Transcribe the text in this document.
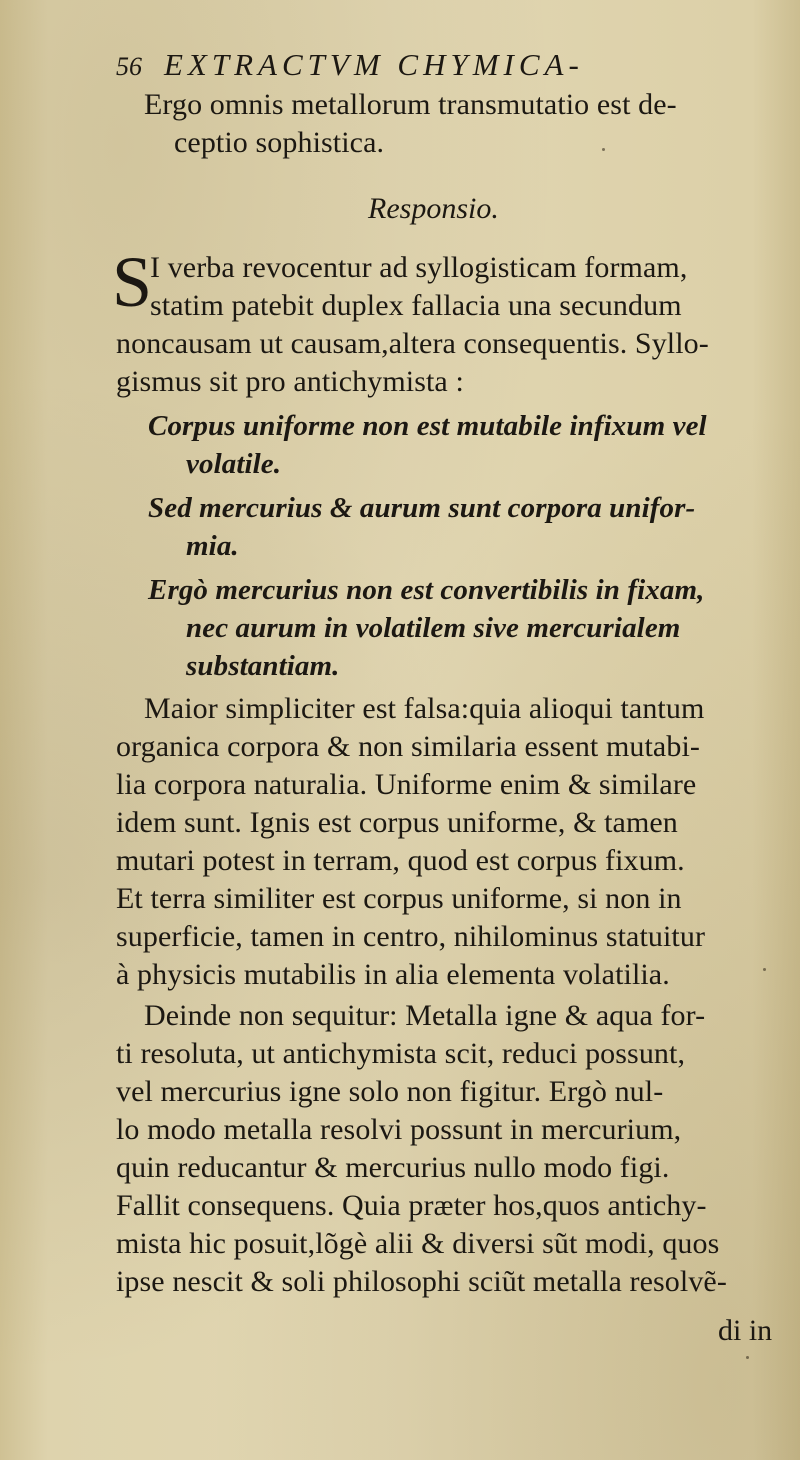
56 EXTRACTVM CHYMICA-
Ergo omnis metallorum transmutatio est de-
ceptio sophistica.
Responsio.
S
I verba revocentur ad syllogisticam formam,
statim patebit duplex fallacia una secundum
noncausam ut causam,altera consequentis. Syllo-
gismus sit pro antichymista :
Corpus uniforme non est mutabile infixum vel
volatile.
Sed mercurius & aurum sunt corpora unifor-
mia.
Ergò mercurius non est convertibilis in fixam,
nec aurum in volatilem sive mercurialem
substantiam.
Maior simpliciter est falsa:quia alioqui tantum
organica corpora & non similaria essent mutabi-
lia corpora naturalia. Uniforme enim & similare
idem sunt. Ignis est corpus uniforme, & tamen
mutari potest in terram, quod est corpus fixum.
Et terra similiter est corpus uniforme, si non in
superficie, tamen in centro, nihilominus statuitur
à physicis mutabilis in alia elementa volatilia.
Deinde non sequitur: Metalla igne & aqua for-
ti resoluta, ut antichymista scit, reduci possunt,
vel mercurius igne solo non figitur. Ergò nul-
lo modo metalla resolvi possunt in mercurium,
quin reducantur & mercurius nullo modo figi.
Fallit consequens. Quia præter hos,quos antichy-
mista hic posuit,lõgè alii & diversi sũt modi, quos
ipse nescit & soli philosophi sciũt metalla resolvẽ-
di in
